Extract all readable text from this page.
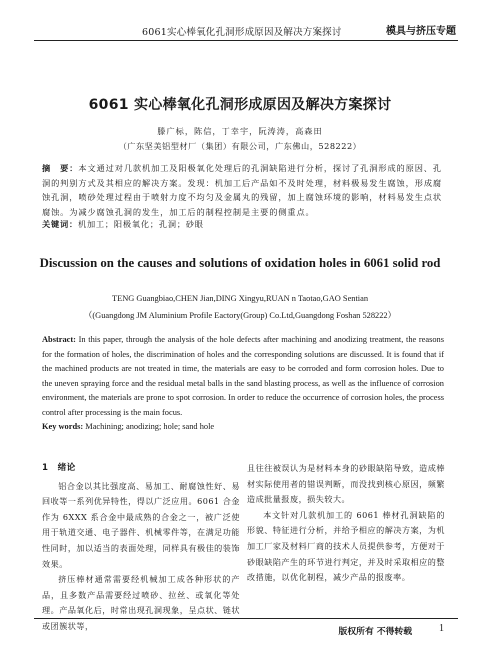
6061实心棒氧化孔洞形成原因及解决方案探讨	模具与挤压专题
6061 实心棒氧化孔洞形成原因及解决方案探讨
滕广标，陈信，丁幸宇，阮涛涛，高森田
（广东坚美铝型材厂（集团）有限公司，广东佛山，528222）
摘　要：本文通过对几款机加工及阳极氧化处理后的孔洞缺陷进行分析，探讨了孔洞形成的原因、孔洞的判别方式及其相应的解决方案。发现：机加工后产品如不及时处理，材料极易发生腐蚀，形成腐蚀孔洞，喷砂处理过程由于喷射力度不均匀及金属丸的残留，加上腐蚀环境的影响，材料易发生点状腐蚀。为减少腐蚀孔洞的发生，加工后的制程控制是主要的侧重点。
关键词：机加工；阳极氧化；孔洞；砂眼
Discussion on the causes and solutions of oxidation holes in 6061 solid rod
TENG Guangbiao,CHEN Jian,DING Xingyu,RUAN n Taotao,GAO Sentian
（(Guangdong JM Aluminium Profile Eactory(Group) Co.Ltd,Guangdong Foshan 528222）
Abstract: In this paper, through the analysis of the hole defects after machining and anodizing treatment, the reasons for the formation of holes, the discrimination of holes and the corresponding solutions are discussed. It is found that if the machined products are not treated in time, the materials are easy to be corroded and form corrosion holes. Due to the uneven spraying force and the residual metal balls in the sand blasting process, as well as the influence of corrosion environment, the materials are prone to spot corrosion. In order to reduce the occurrence of corrosion holes, the process control after processing is the main focus.
Key words: Machining; anodizing; hole; sand hole
1　绪论

铝合金以其比强度高、易加工、耐腐蚀性好、易回收等一系列优异特性，得以广泛应用。6061 合金作为 6XXX 系合金中最成熟的合金之一，被广泛使用于轨道交通、电子器件、机械零件等，在满足功能性同时，加以适当的表面处理，同样具有极佳的装饰效果。

挤压棒材通常需要经机械加工成各种形状的产品，且多数产品需要经过喷砂、拉丝、或氧化等处理。产品氧化后，时常出现孔洞现象，呈点状、链状或团簇状等，

且往往被误认为是材料本身的砂眼缺陷导致，造成棒材实际使用者的错误判断，而没找到核心原因，频繁造成批量报废，损失较大。

本文针对几款机加工的 6061 棒材孔洞缺陷的形貌、特征进行分析，并给予相应的解决方案，为机加工厂家及材料厂商的技术人员提供参考，方便对于砂眼缺陷产生的环节进行判定，并及时采取相应的整改措施，以优化制程，减少产品的报废率。

版权所有 不得转载	1
